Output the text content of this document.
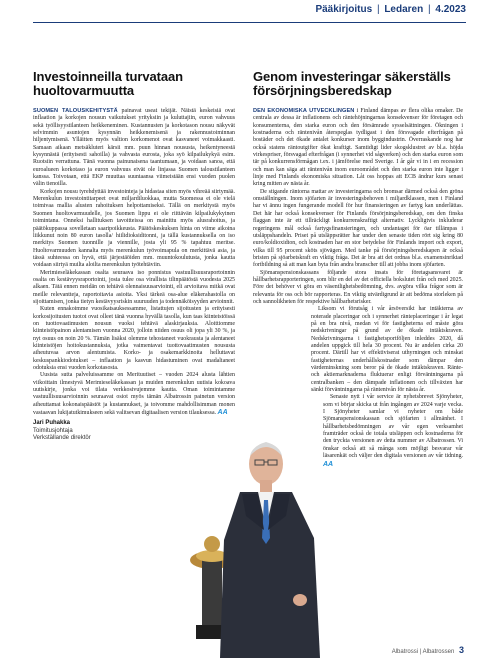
Pääkirjoitus | Ledaren | 4.2023
Investoinneilla turvataan huoltovarmuutta

SUOMEN TALOUSKEHITYSTÄ painavat useat tekijät. Näistä keskeisiä ovat inflaation ja korkojen nousun vaikutukset yrityksiin ja kuluttajiin, euron vahvuus sekä työllisyystilanteen heikkeneminen. Kustannusten ja korkotason nousu näkyvät selvimmin asuntojen kysynnän heikkenemisenä ja rakennustoiminnan hiljentymisenä. Ylläitten myös valtion korkomenot ovat kasvaneet voimakkaasti. Samaan aikaan metsäkluteri kärsii mm. puun hinnan noususta, heikentyneestä kysynnästä (erityisesti sahoilla) ja vahvasta eurosta, joka syö kilpailukykyä esim. Ruotsiin verrattuna. Tänä vuonna painunaisena taantumaan, ja voidaan sanoa, että euroalueen korkotaso ja euron vahvuus eivät ole linjassa Suomen taloustilanteen kanssa. Toivotaan, että EKP muuttaa suuntaansa viimeistään ensi vuoden puolen välin tienoilla.

Korkojen nousu tyrehdyttää investointeja ja hidastaa siten myös vihreää siirtymää. Merenkulun investointitarpeet ovat miljardiluokkaa, mutta Suomessa ei ole vielä toimivaa mallia alusten rahoituksen helpottamiseksi. Tällä on merkitystä myös Suomen huoltovarmuudelle, jos Suomen lippu ei ole riittävän kilpailukykyinen toimintana. Onneksi hallituksen tavoitteissa on mainittu myös alusrahoitus, ja päätökuppassa sovelletaan saaripoikkeusta. Päätöskeskuksen hinta on viime aikoina liikkunut noin 80 euron tasolla/ hiilidioksiditonni, ja tällä kustannuksella on iso merkitys Suomen tuonnille ja viennille, josta yli 95 % tapahtuu meritse. Huoltovarmuuden kannalta myös merenkulun työvoimapula on merkittävä asia, ja tässä suhteessa on hyvä, että järjestäöiden mm. muuntokoulutusta, jonka kautta voidaan siirtyä muilta aloilta merenkulun työtehtäviin.

Merimieseläkekassan osalta seuraava iso ponnistus vastuullisuusraportoinnin osalta on kestävyysraportointi, josta tulee osa virallista tilinpäätöstä vuodesta 2025 alkaen. Tätä ennen meidän on tehtävä olennaisuusarviointi, eli arvioitava mitkä ovat meille relevantteja, raportoitavia asioita. Yksi tärkeä osa-alue eläkerahastolla on sijoittamisen, jonka tietyn kestävyysriskin suuruuden ja todennäköisyyden arvioinnit.

Kuten ennakoimme vuosikatsauksessamme, listattujen sijoitusten ja erityisesti korkosijoitusten tuotot ovat olleet tänä vuonna hyvällä tasolla, kun taas kiinteistöissä on tuottovaatimusten nousun vuoksi tehtävä alaskirjauksia. Aloittiomme kiinteistöpainon alentamisen vuonna 2020, jolloin niiden osuus oli jopa yli 30 %, ja nyt osuus on noin 20 %. Tämän lisäksi olemme tehostaneet vuokrausta ja alentaneet kiinteistöjen hoitokustannuksia, jotka vaimentavat tuottovaatimusten noususta aiheutuvaa arvon alentumista. Korko- ja osakemarkkinoita helluttavat keskuspankkiodotukset – inflaation ja kasvun hidastuminen ovat madaltaneet odotuksia ensi vuoden korkotasosta.

Uusista sutta palveluissamme on Merituutiset – vuoden 2024 alusta lähtien viikoittain ilmestyvä Merimieseläkekassan ja muiden merenkulun uutisia kokoava uutiskirje, jonka voi tilata verkkosivujemme kautta. Oman toimintamme vastuullisuusarvioinnin seuraavat osiot myös tämän Albatrossin painetun version aiheuttamat kokonaispäästöt ja kustannukset, ja toivomme mahdollisimman monen vastaavan lukijatutkimukseen sekä valitsevan digitaalisen version tilauksessa. AA

Jari Puhakka
Toimitusjohtaja
Verkställande direktör
Genom investeringar säkerställs försörjningsberedskap

DEN EKONOMISKA UTVECKLINGEN i Finland dämpas av flera olika omaker. De centrala av dessa är inflationens och räntehöjningarnas konsekvenser för företagen och konsumenterna, den starka euron och den försämrade sysselsättningen. Ökningen i kostnaderna och räntenivån återspeglas tydligast i den försvagade efterfrågan på bostäder och det ökade antalet konkurser inom byggindustrin. Överraskande nog har också statens räntoutgifter ökat kraftigt. Samtidigt lider skogsklustret av bl.a. höjda virkespriser, försvagad efterfrågan (i synnerhet vid sågverken) och den starka euron som tär på konkurrensförmågan t.ex. i jämförelse med Sverige. I år går vi in i en recession och man kan säga att räntenivån inom euroområdet och den starka euron inte ligger i linje med Finlands ekonomiska situation. Låt oss hoppas att ECB ändrar kurs senast kring mitten av nästa år.

De stigande räntorna mattar av investeringarna och bromsar därmed också den gröna omställningen. Inom sjöfarten är investeringsbehoven i miljardklassen, men i Finland har vi ännu ingen fungerande modell för hur finansieringen av fartyg kan underlättas. Det här har också konsekvenser för Finlands försörjningsberedskap, om den finska flaggan inte är ett tillräckligt konkurrenskraftigt alternativ. Lyckligtvis inkluderar regeringens mål också fartygsfinansieringen, och undantaget för öar tillämpas i utsläppshandeln. Priset på utsläppsrätter har under den senaste tiden rört sig kring 80 euro/koldioxidton, och kostnaden har en stor betydelse för Finlands import och export, vilka till 95 procent sköts sjövägen. Med tanke på försörjningsberedskapen är också bristen på sjöarbetskraft en viktig fråga. Det är bra att det ordnas bl.a. examensinriktad fortbildning så att man kan byta från andra branscher till att jobba inom sjöfarten.

Sjömanspensionskassans följande stora insats för företagsansvaret är hållbarhetsrapporteringen, som blir en del av det officiella bokslutet från och med 2025. Före det behöver vi göra en väsentlighetsbedömning, dvs. avgöra vilka frågor som är relevanta för oss och bör rapporteras. En viktig utvärdigrund är att bedöma storleken på och sannolikheten för respektive hållbarhetsrisker.

Liksom vi förutsåg i vår årsöversikt har intäkterna av noterade placeringar och i synnerhet ränteplaceringar i år legat på en bra nivå, medan vi för fastigheterna ed måste göra nedskrivningar på grund av de ökade intäktskraven. Nedskrivningarna i fastighetsportföljen inleddes 2020, då andelen uppgick till hela 30 procent. Nu är andelen cirka 20 procent. Därtill har vi effektiviserat uthyrningen och minskat fastigheternas underhållskostnader som dämpar den värdeminskning som beror på de ökade intäktskraven. Ränte- och aktiemarknaderna fluktuerar enligt förväntningarna på centralbanken – den dämpade inflationen och tillväxten har sänkt förväntningarna på räntenivån för nästa år.

Senaste nytt i vår service är nyhetsbrevet Sjönyheter, som vi börjar skicka ut från ingången av 2024 varje vecka. I Sjönyheter samlar vi nyheter om både Sjömanspensionskassan och sjöfarten i allmänhet. I hållbarhetsbedömningen av vår egen verksamhet framträder också de totala utsläppen och kostnaderna för den tryckta versionen av detta nummer av Albatrossen. Vi önskar också att så många som möjligt besvarar vår läsarenkät och väljer den digitala versionen av vår tidning. AA

Albatrossi | Albatrossen 3
